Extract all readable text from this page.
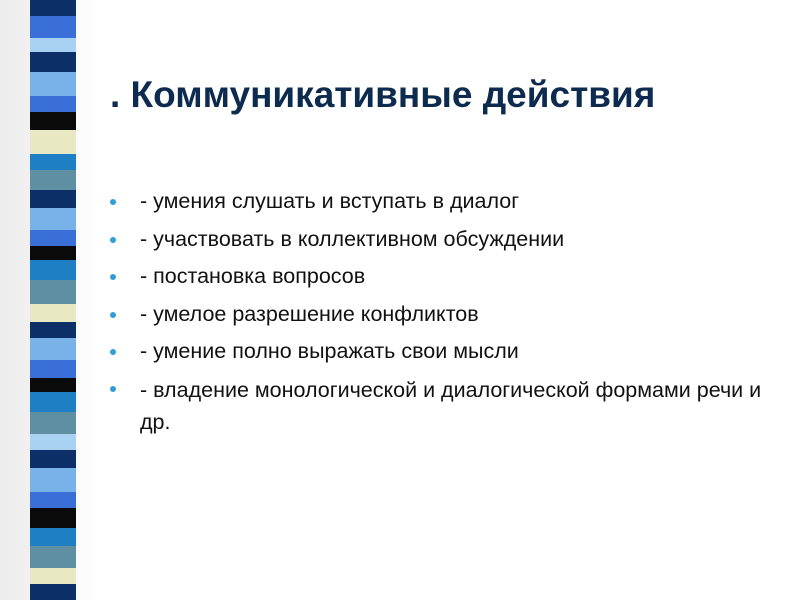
. Коммуникативные действия
- умения слушать и вступать в диалог
- участвовать в коллективном обсуждении
- постановка вопросов
- умелое разрешение конфликтов
- умение полно выражать свои мысли
- владение монологической и диалогической формами речи и др.
